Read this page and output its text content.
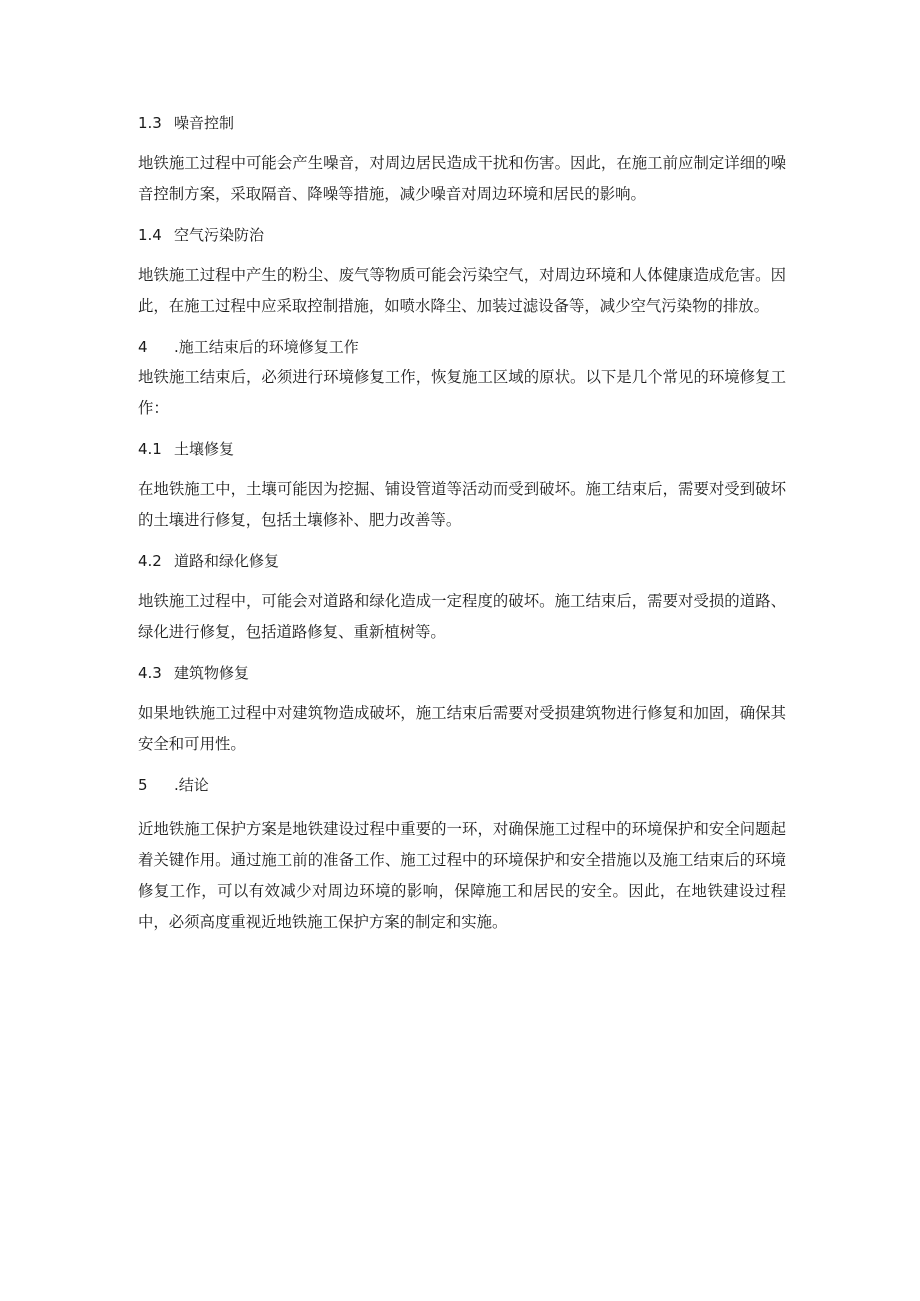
1.3 噪音控制

地铁施工过程中可能会产生噪音，对周边居民造成干扰和伤害。因此，在施工前应制定详细的噪音控制方案，采取隔音、降噪等措施，减少噪音对周边环境和居民的影响。

1.4 空气污染防治

地铁施工过程中产生的粉尘、废气等物质可能会污染空气，对周边环境和人体健康造成危害。因此，在施工过程中应采取控制措施，如喷水降尘、加装过滤设备等，减少空气污染物的排放。

4 .施工结束后的环境修复工作

地铁施工结束后，必须进行环境修复工作，恢复施工区域的原状。以下是几个常见的环境修复工作：

4.1 土壤修复

在地铁施工中，土壤可能因为挖掘、铺设管道等活动而受到破坏。施工结束后，需要对受到破坏的土壤进行修复，包括土壤修补、肥力改善等。

4.2 道路和绿化修复

地铁施工过程中，可能会对道路和绿化造成一定程度的破坏。施工结束后，需要对受损的道路、绿化进行修复，包括道路修复、重新植树等。

4.3 建筑物修复

如果地铁施工过程中对建筑物造成破坏，施工结束后需要对受损建筑物进行修复和加固，确保其安全和可用性。

5 .结论

近地铁施工保护方案是地铁建设过程中重要的一环，对确保施工过程中的环境保护和安全问题起着关键作用。通过施工前的准备工作、施工过程中的环境保护和安全措施以及施工结束后的环境修复工作，可以有效减少对周边环境的影响，保障施工和居民的安全。因此，在地铁建设过程中，必须高度重视近地铁施工保护方案的制定和实施。
